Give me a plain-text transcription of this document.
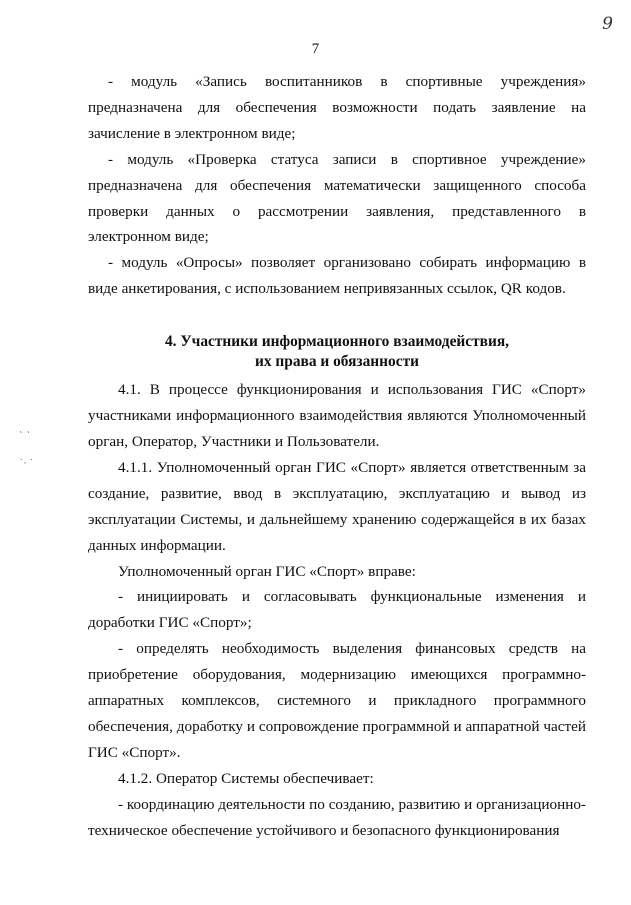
9
7
ˎ ˎ
˙· ˙

- модуль «Запись воспитанников в спортивные учреждения» предназначена для обеспечения возможности подать заявление на зачисление в электронном виде;

- модуль «Проверка статуса записи в спортивное учреждение» предназначена для обеспечения математически защищенного способа проверки данных о рассмотрении заявления, представленного в электронном виде;

- модуль «Опросы» позволяет организовано собирать информацию в виде анкетирования, с использованием непривязанных ссылок, QR кодов.

4. Участники информационного взаимодействия,
их права и обязанности

4.1. В процессе функционирования и использования ГИС «Спорт» участниками информационного взаимодействия являются Уполномоченный орган, Оператор, Участники и Пользователи.

4.1.1. Уполномоченный орган ГИС «Спорт» является ответственным за создание, развитие, ввод в эксплуатацию, эксплуатацию и вывод из эксплуатации Системы, и дальнейшему хранению содержащейся в их базах данных информации.

Уполномоченный орган ГИС «Спорт» вправе:

- инициировать и согласовывать функциональные изменения и доработки ГИС «Спорт»;

- определять необходимость выделения финансовых средств на приобретение оборудования, модернизацию имеющихся программно-аппаратных комплексов, системного и прикладного программного обеспечения, доработку и сопровождение программной и аппаратной частей ГИС «Спорт».

4.1.2. Оператор Системы обеспечивает:

- координацию деятельности по созданию, развитию и организационно-техническое обеспечение устойчивого и безопасного функционирования
